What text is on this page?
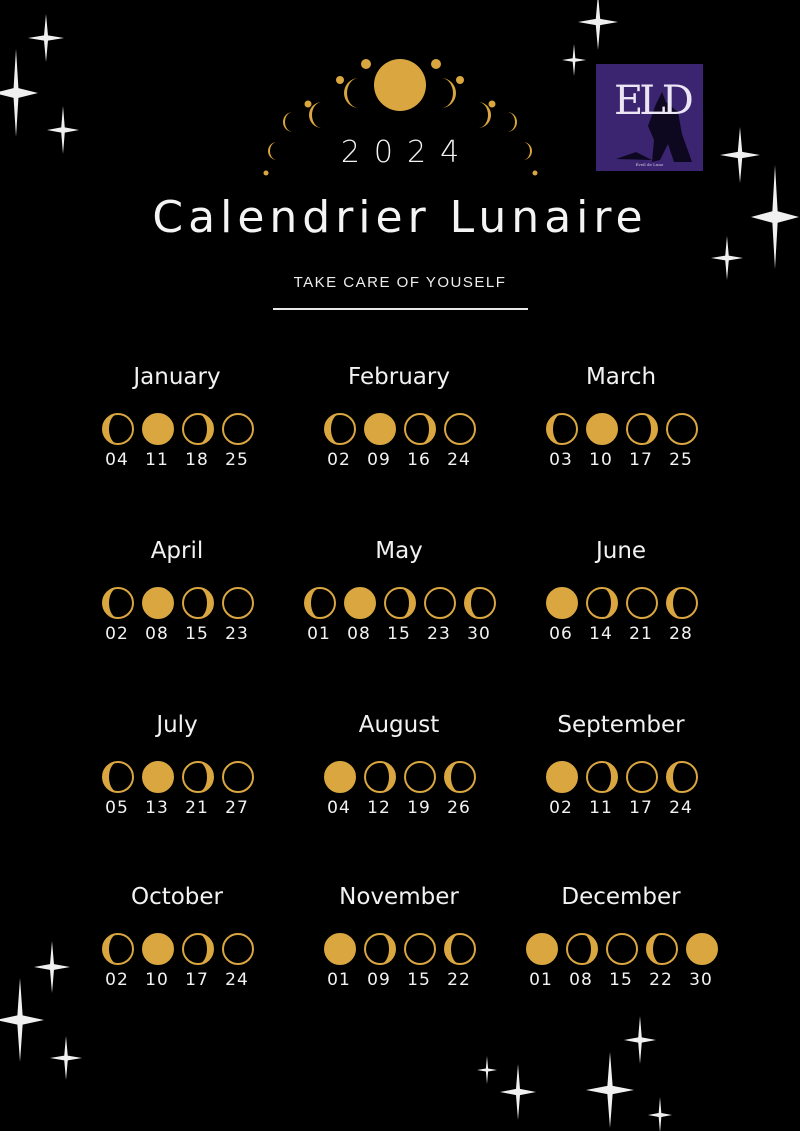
2024
Calendrier Lunaire
TAKE CARE OF YOUSELF
ELD
Éveil de Lune
January
04 11 18 25
February
02 09 16 24
March
03 10 17 25
April
02 08 15 23
May
01 08 15 23 30
June
06 14 21 28
July
05 13 21 27
August
04 12 19 26
September
02 11 17 24
October
02 10 17 24
November
01 09 15 22
December
01 08 15 22 30
